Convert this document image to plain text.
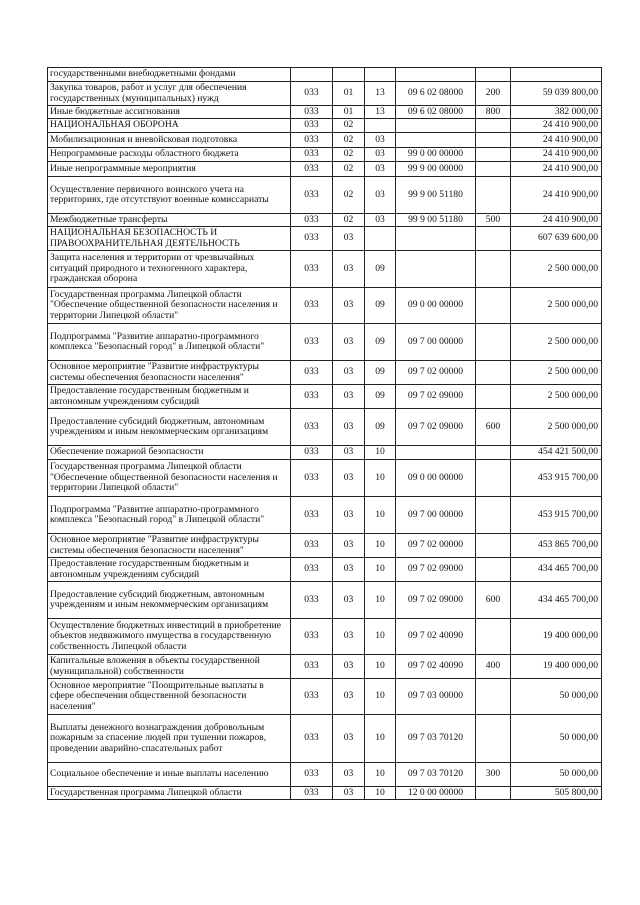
государственными внебюджетными фондами						
Закупка товаров, работ и услуг для обеспечения государственных (муниципальных) нужд	033	01	13	09 6 02 08000	200	59 039 800,00
Иные бюджетные ассигнования	033	01	13	09 6 02 08000	800	382 000,00
НАЦИОНАЛЬНАЯ ОБОРОНА	033	02				24 410 900,00
Мобилизационная и вневойсковая подготовка	033	02	03			24 410 900,00
Непрограммные расходы областного бюджета	033	02	03	99 0 00 00000		24 410 900,00
Иные непрограммные мероприятия	033	02	03	99 9 00 00000		24 410 900,00
Осуществление первичного воинского учета на территориях, где отсутствуют военные комиссариаты	033	02	03	99 9 00 51180		24 410 900,00
Межбюджетные трансферты	033	02	03	99 9 00 51180	500	24 410 900,00
НАЦИОНАЛЬНАЯ БЕЗОПАСНОСТЬ И ПРАВООХРАНИТЕЛЬНАЯ ДЕЯТЕЛЬНОСТЬ	033	03				607 639 600,00
Защита населения и территории от чрезвычайных ситуаций природного и техногенного характера, гражданская оборона	033	03	09			2 500 000,00
Государственная программа Липецкой области "Обеспечение общественной безопасности населения и территории Липецкой области"	033	03	09	09 0 00 00000		2 500 000,00
Подпрограмма "Развитие аппаратно-программного комплекса "Безопасный город" в Липецкой области"	033	03	09	09 7 00 00000		2 500 000,00
Основное мероприятие "Развитие инфраструктуры системы обеспечения безопасности населения"	033	03	09	09 7 02 00000		2 500 000,00
Предоставление государственным бюджетным и автономным учреждениям субсидий	033	03	09	09 7 02 09000		2 500 000,00
Предоставление субсидий бюджетным, автономным учреждениям и иным некоммерческим организациям	033	03	09	09 7 02 09000	600	2 500 000,00
Обеспечение пожарной безопасности	033	03	10			454 421 500,00
Государственная программа Липецкой области "Обеспечение общественной безопасности населения и территории Липецкой области"	033	03	10	09 0 00 00000		453 915 700,00
Подпрограмма "Развитие аппаратно-программного комплекса "Безопасный город" в Липецкой области"	033	03	10	09 7 00 00000		453 915 700,00
Основное мероприятие "Развитие инфраструктуры системы обеспечения безопасности населения"	033	03	10	09 7 02 00000		453 865 700,00
Предоставление государственным бюджетным и автономным учреждениям субсидий	033	03	10	09 7 02 09000		434 465 700,00
Предоставление субсидий бюджетным, автономным учреждениям и иным некоммерческим организациям	033	03	10	09 7 02 09000	600	434 465 700,00
Осуществление бюджетных инвестиций в приобретение объектов недвижимого имущества в государственную собственность Липецкой области	033	03	10	09 7 02 40090		19 400 000,00
Капитальные вложения в объекты государственной (муниципальной) собственности	033	03	10	09 7 02 40090	400	19 400 000,00
Основное мероприятие "Поощрительные выплаты в сфере обеспечения общественной безопасности населения"	033	03	10	09 7 03 00000		50 000,00
Выплаты денежного вознаграждения добровольным пожарным за спасение людей при тушении пожаров, проведении аварийно-спасательных работ	033	03	10	09 7 03 70120		50 000,00
Социальное обеспечение и иные выплаты населению	033	03	10	09 7 03 70120	300	50 000,00
Государственная программа Липецкой области	033	03	10	12 0 00 00000		505 800,00
